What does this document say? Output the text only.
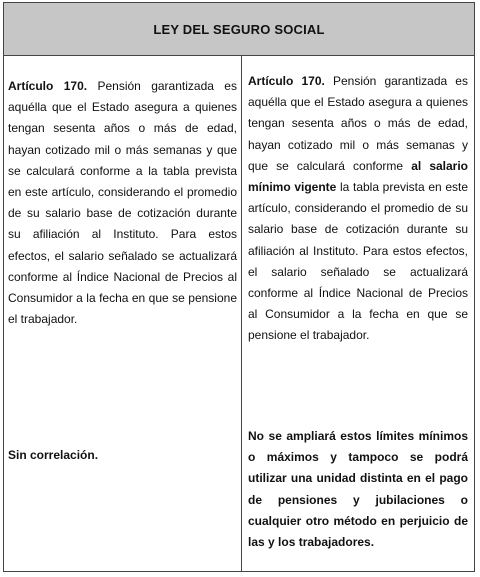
LEY DEL SEGURO SOCIAL

Artículo 170. Pensión garantizada es aquélla que el Estado asegura a quienes tengan sesenta años o más de edad, hayan cotizado mil o más semanas y que se calculará conforme a la tabla prevista en este artículo, considerando el promedio de su salario base de cotización durante su afiliación al Instituto. Para estos efectos, el salario señalado se actualizará conforme al Índice Nacional de Precios al Consumidor a la fecha en que se pensione el trabajador.

Sin correlación.

Artículo 170. Pensión garantizada es aquélla que el Estado asegura a quienes tengan sesenta años o más de edad, hayan cotizado mil o más semanas y que se calculará conforme al salario mínimo vigente la tabla prevista en este artículo, considerando el promedio de su salario base de cotización durante su afiliación al Instituto. Para estos efectos, el salario señalado se actualizará conforme al Índice Nacional de Precios al Consumidor a la fecha en que se pensione el trabajador.

No se ampliará estos límites mínimos o máximos y tampoco se podrá utilizar una unidad distinta en el pago de pensiones y jubilaciones o cualquier otro método en perjuicio de las y los trabajadores.
